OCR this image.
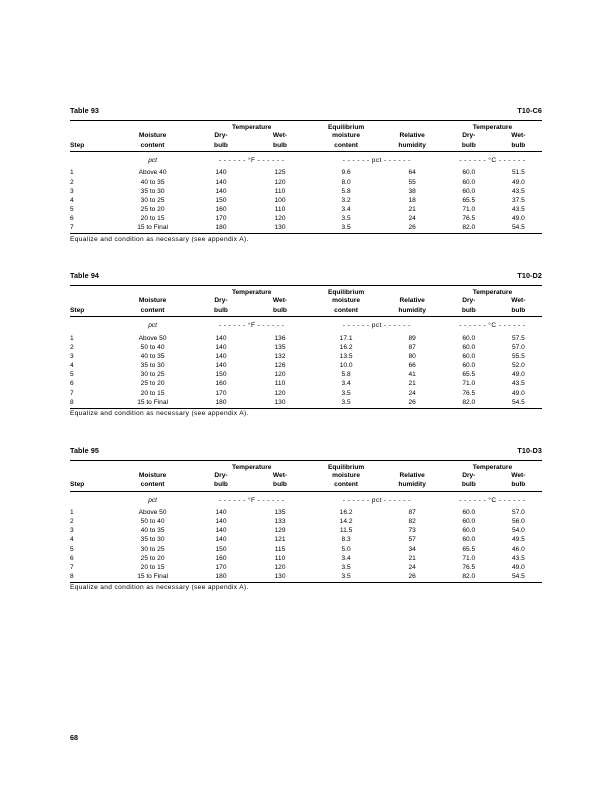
Table 93	T10-C6
		Temperature		Equilibrium		Temperature	
	Moisture	Dry-	Wet-	moisture	Relative	Dry-	Wet-
Step	content	bulb	bulb	content	humidity	bulb	bulb
	pct	- - - - - - °F - - - - - -		- - - - - - pct - - - - - -		- - - - - - °C - - - - - -	
1	Above 40	140	125	9.6	64	60.0	51.5
2	40 to 35	140	120	8.0	55	60.0	49.0
3	35 to 30	140	110	5.8	38	60.0	43.5
4	30 to 25	150	100	3.2	18	65.5	37.5
5	25 to 20	160	110	3.4	21	71.0	43.5
6	20 to 15	170	120	3.5	24	76.5	49.0
7	15 to Final	180	130	3.5	26	82.0	54.5
Equalize and condition as necessary (see appendix A).							
Table 94	T10-D2
		Temperature		Equilibrium		Temperature	
	Moisture	Dry-	Wet-	moisture	Relative	Dry-	Wet-
Step	content	bulb	bulb	content	humidity	bulb	bulb
	pct	- - - - - - °F - - - - - -		- - - - - - pct - - - - - -		- - - - - - °C - - - - - -	
1	Above 50	140	136	17.1	89	60.0	57.5
2	50 to 40	140	135	16.2	87	60.0	57.0
3	40 to 35	140	132	13.5	80	60.0	55.5
4	35 to 30	140	126	10.0	66	60.0	52.0
5	30 to 25	150	120	5.8	41	65.5	49.0
6	25 to 20	160	110	3.4	21	71.0	43.5
7	20 to 15	170	120	3.5	24	76.5	49.0
8	15 to Final	180	130	3.5	26	82.0	54.5
Equalize and condition as necessary (see appendix A).							
Table 95	T10-D3
		Temperature		Equilibrium		Temperature	
	Moisture	Dry-	Wet-	moisture	Relative	Dry-	Wet-
Step	content	bulb	bulb	content	humidity	bulb	bulb
	pct	- - - - - - °F - - - - - -		- - - - - - pct - - - - - -		- - - - - - °C - - - - - -	
1	Above 50	140	135	16.2	87	60.0	57.0
2	50 to 40	140	133	14.2	82	60.0	56.0
3	40 to 35	140	129	11.5	73	60.0	54.0
4	35 to 30	140	121	8.3	57	60.0	49.5
5	30 to 25	150	115	5.0	34	65.5	46.0
6	25 to 20	160	110	3.4	21	71.0	43.5
7	20 to 15	170	120	3.5	24	76.5	49.0
8	15 to Final	180	130	3.5	26	82.0	54.5
Equalize and condition as necessary (see appendix A).							
68
